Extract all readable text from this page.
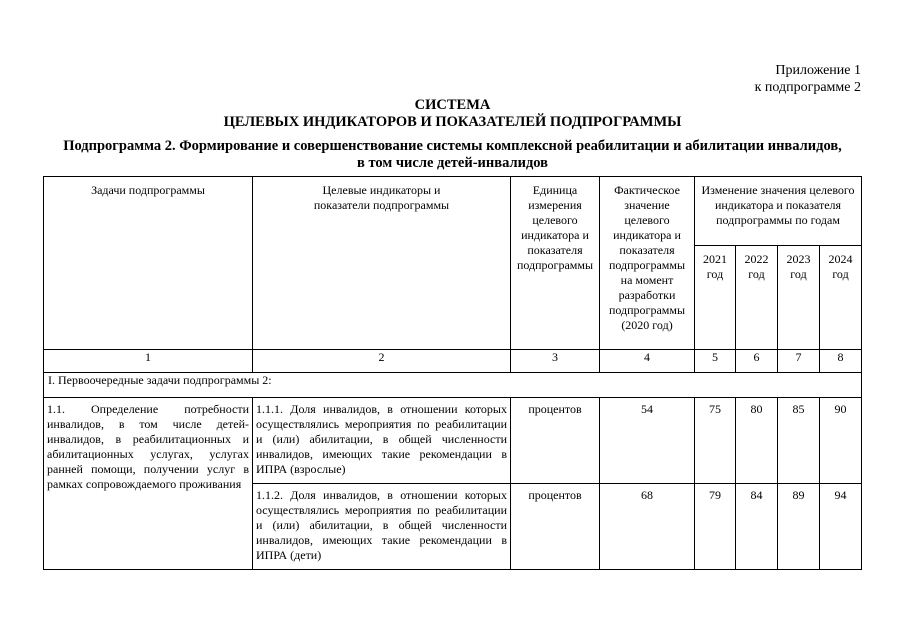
Приложение 1
к подпрограмме 2
СИСТЕМА
ЦЕЛЕВЫХ ИНДИКАТОРОВ И ПОКАЗАТЕЛЕЙ ПОДПРОГРАММЫ
Подпрограмма 2. Формирование и совершенствование системы комплексной реабилитации и абилитации инвалидов, в том числе детей-инвалидов
Задачи подпрограммы	Целевые индикаторы и показатели подпрограммы	Единица измерения целевого индикатора и показателя подпрограммы	Фактическое значение целевого индикатора и показателя подпрограммы на момент разработки подпрограммы (2020 год)	Изменение значения целевого индикатора и показателя подпрограммы по годам			
				2021 год	2022 год	2023 год	2024 год
1	2	3	4	5	6	7	8
I. Первоочередные задачи подпрограммы 2:							
1.1. Определение потребности инвалидов, в том числе детей-инвалидов, в реабилитационных и абилитационных услугах, услугах ранней помощи, получении услуг в рамках сопровождаемого проживания	1.1.1. Доля инвалидов, в отношении которых осуществлялись мероприятия по реабилитации и (или) абилитации, в общей численности инвалидов, имеющих такие рекомендации в ИПРА (взрослые)	процентов	54	75	80	85	90
	1.1.2. Доля инвалидов, в отношении которых осуществлялись мероприятия по реабилитации и (или) абилитации, в общей численности инвалидов, имеющих такие рекомендации в ИПРА (дети)	процентов	68	79	84	89	94
